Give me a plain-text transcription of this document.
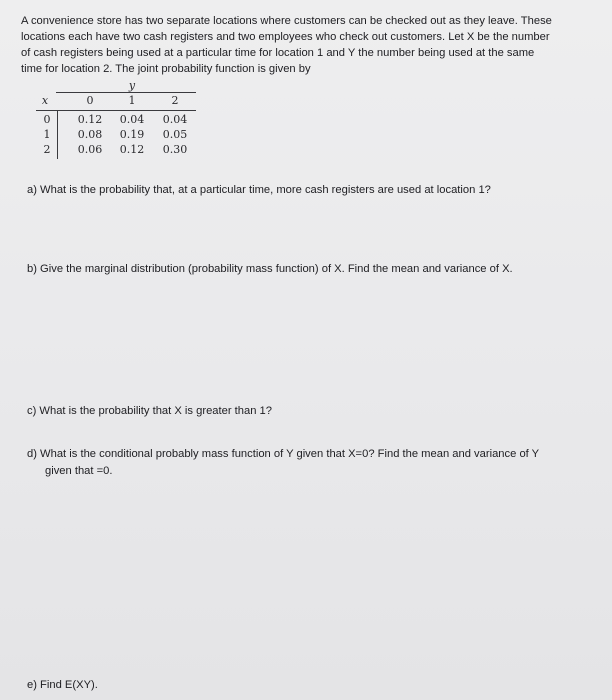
A convenience store has two separate locations where customers can be checked out as they leave. These
locations each have two cash registers and two employees who check out customers. Let X be the number
of cash registers being used at a particular time for location 1 and Y the number being used at the same
time for location 2. The joint probability function is given by

y
x	0	1	2
0 0.12 0.04 0.04
1 0.08 0.19 0.05
2 0.06 0.12 0.30

a) What is the probability that, at a particular time, more cash registers are used at location 1?

b) Give the marginal distribution (probability mass function) of X. Find the mean and variance of X.

c) What is the probability that X is greater than 1?

d) What is the conditional probably mass function of Y given that X=0? Find the mean and variance of Y
given that =0.

e) Find E(XY).
